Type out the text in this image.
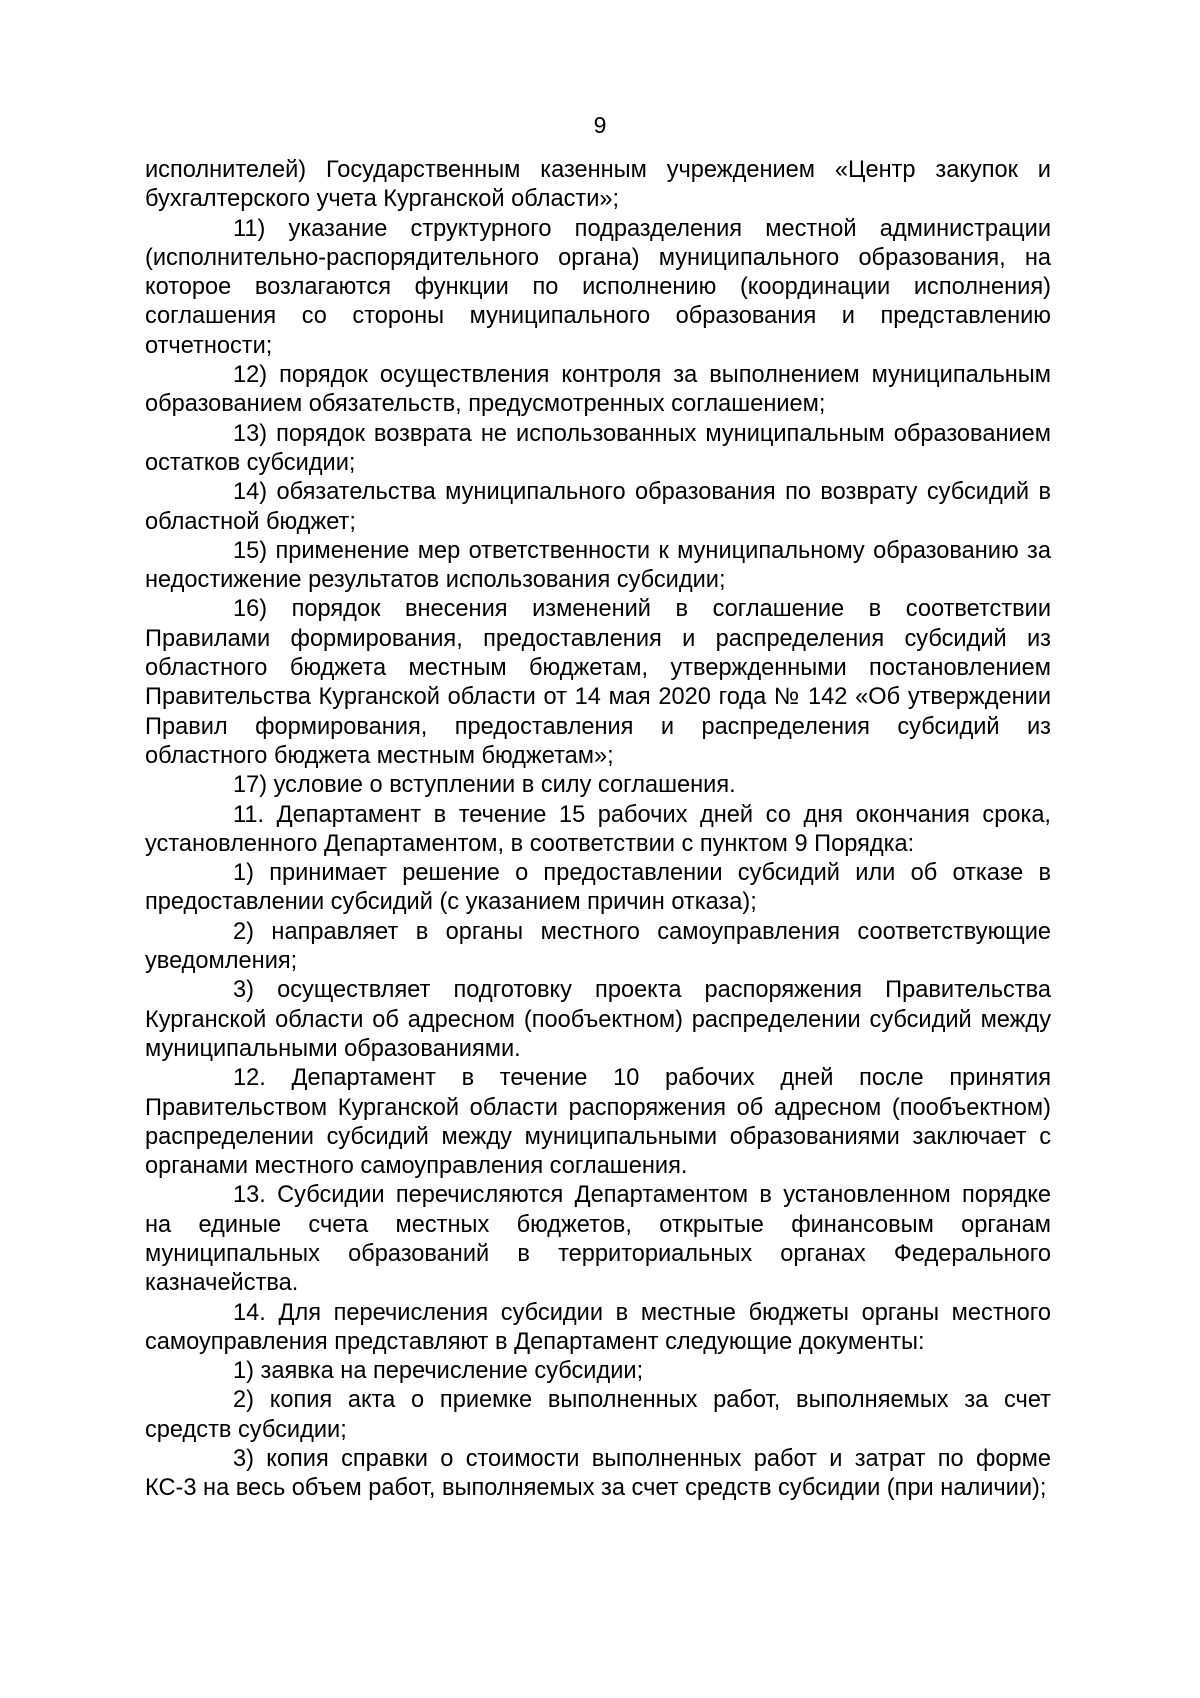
9

исполнителей) Государственным казенным учреждением «Центр закупок и бухгалтерского учета Курганской области»;

11) указание структурного подразделения местной администрации (исполнительно-распорядительного органа) муниципального образования, на которое возлагаются функции по исполнению (координации исполнения) соглашения со стороны муниципального образования и представлению отчетности;

12) порядок осуществления контроля за выполнением муниципальным образованием обязательств, предусмотренных соглашением;

13) порядок возврата не использованных муниципальным образованием остатков субсидии;

14) обязательства муниципального образования по возврату субсидий в областной бюджет;

15) применение мер ответственности к муниципальному образованию за недостижение результатов использования субсидии;

16) порядок внесения изменений в соглашение в соответствии Правилами формирования, предоставления и распределения субсидий из областного бюджета местным бюджетам, утвержденными постановлением Правительства Курганской области от 14 мая 2020 года № 142 «Об утверждении Правил формирования, предоставления и распределения субсидий из областного бюджета местным бюджетам»;

17) условие о вступлении в силу соглашения.

11. Департамент в течение 15 рабочих дней со дня окончания срока, установленного Департаментом, в соответствии с пунктом 9 Порядка:

1) принимает решение о предоставлении субсидий или об отказе в предоставлении субсидий (с указанием причин отказа);

2) направляет в органы местного самоуправления соответствующие уведомления;

3) осуществляет подготовку проекта распоряжения Правительства Курганской области об адресном (пообъектном) распределении субсидий между муниципальными образованиями.

12. Департамент в течение 10 рабочих дней после принятия Правительством Курганской области распоряжения об адресном (пообъектном) распределении субсидий между муниципальными образованиями заключает с органами местного самоуправления соглашения.

13. Субсидии перечисляются Департаментом в установленном порядке на единые счета местных бюджетов, открытые финансовым органам муниципальных образований в территориальных органах Федерального казначейства.

14. Для перечисления субсидии в местные бюджеты органы местного самоуправления представляют в Департамент следующие документы:

1) заявка на перечисление субсидии;

2) копия акта о приемке выполненных работ, выполняемых за счет средств субсидии;

3) копия справки о стоимости выполненных работ и затрат по форме КС-3 на весь объем работ, выполняемых за счет средств субсидии (при наличии);
